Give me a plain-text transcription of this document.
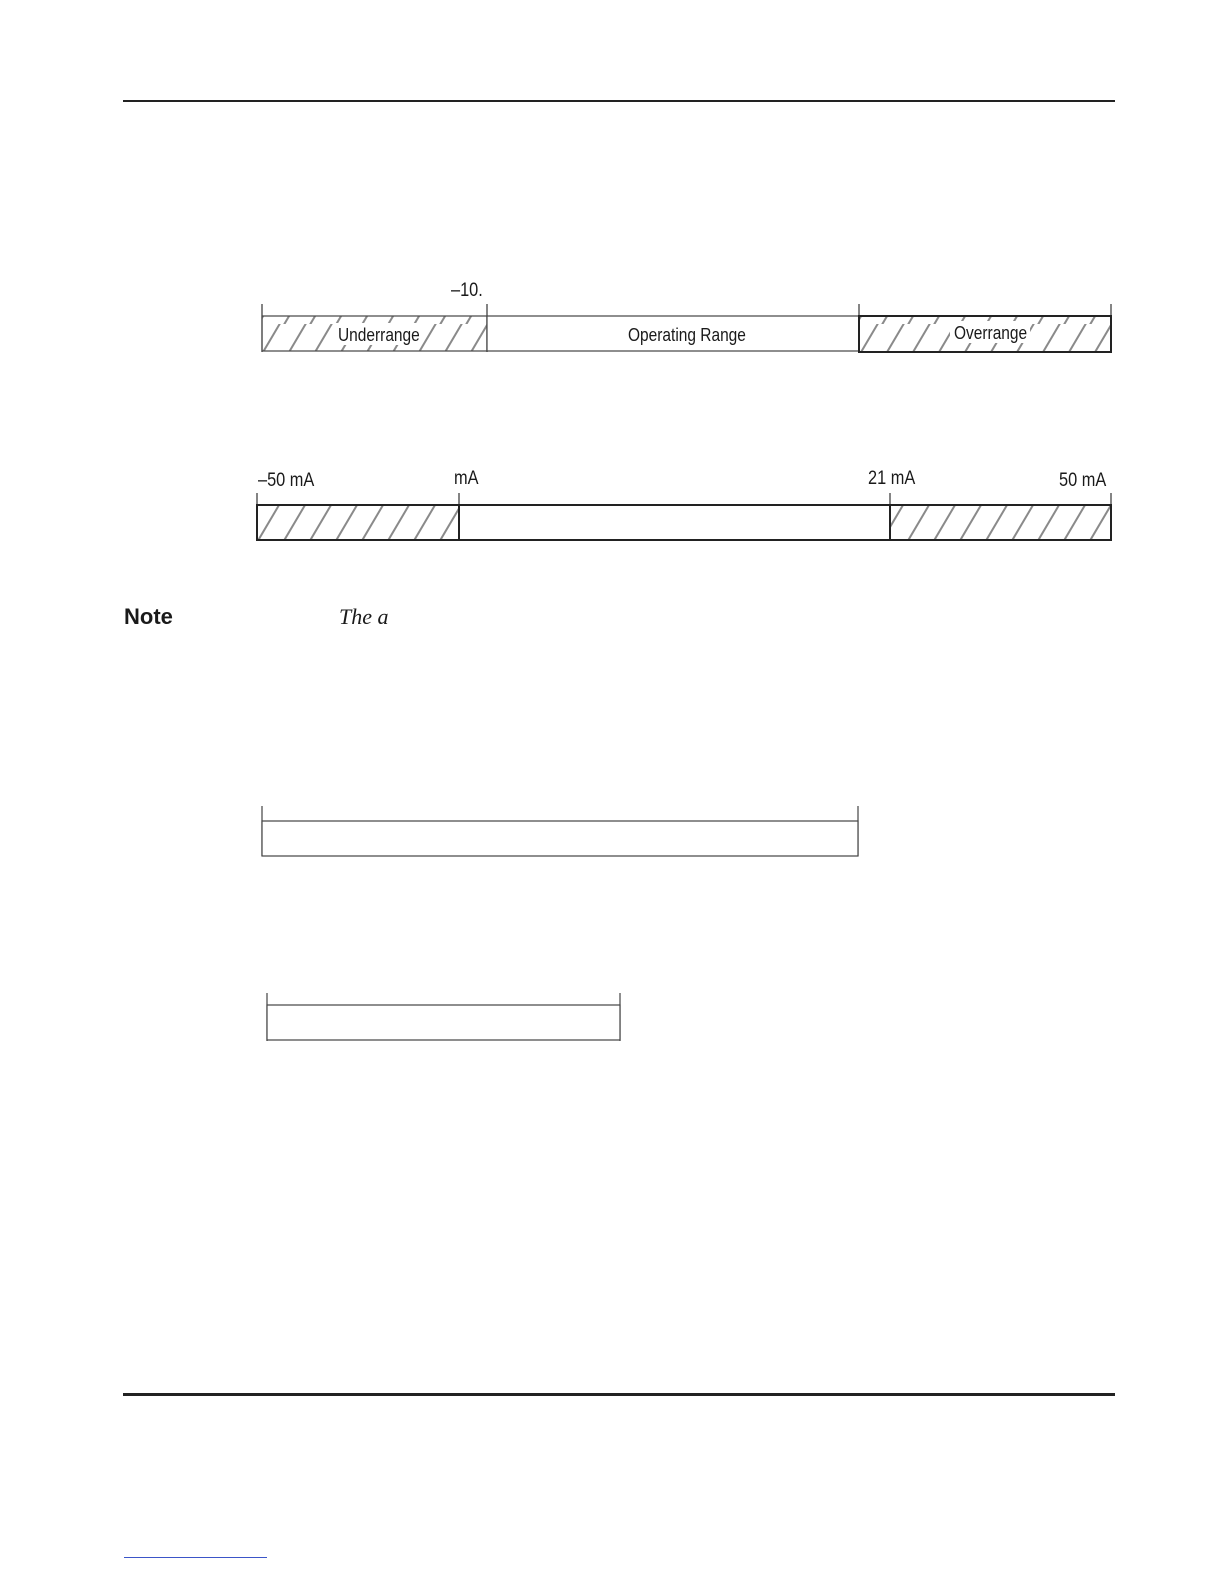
–10.
Underrange	Operating Range	Overrange
–50 mA	mA	21 mA	50 mA
Note	The a
